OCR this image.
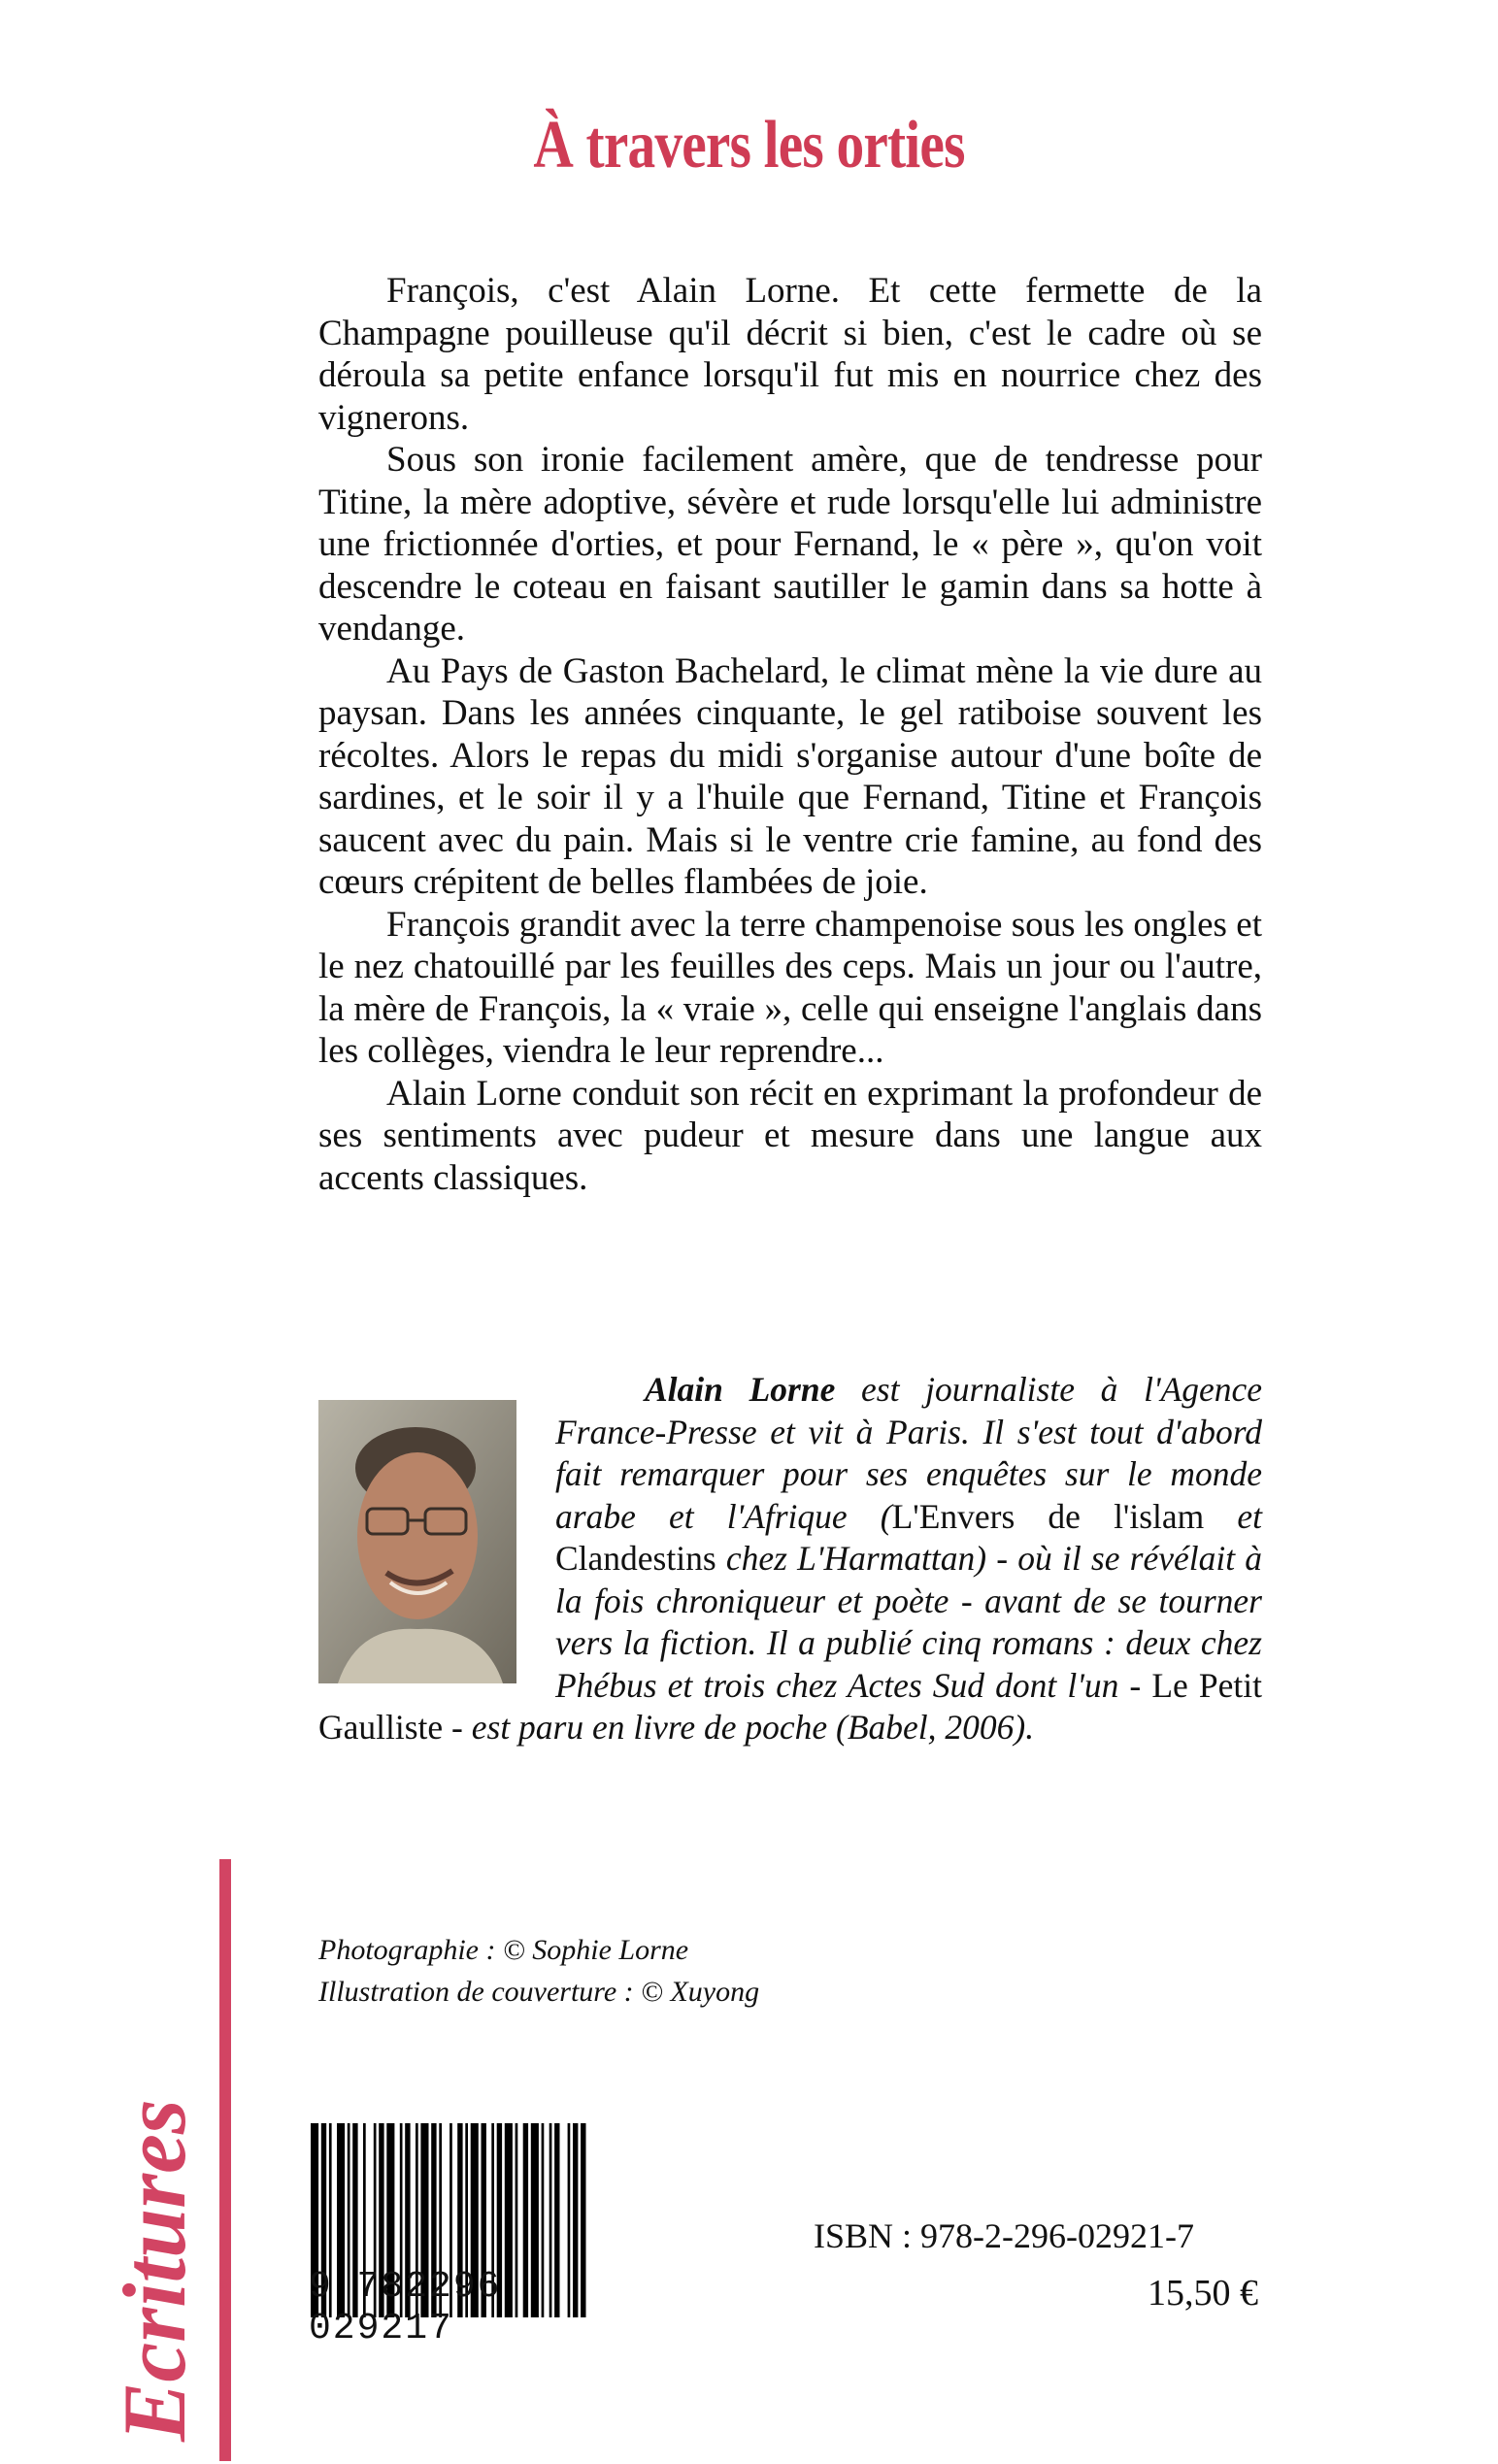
À travers les orties

François, c'est Alain Lorne. Et cette fermette de la Champagne pouilleuse qu'il décrit si bien, c'est le cadre où se déroula sa petite enfance lorsqu'il fut mis en nourrice chez des vignerons.

Sous son ironie facilement amère, que de tendresse pour Titine, la mère adoptive, sévère et rude lorsqu'elle lui administre une frictionnée d'orties, et pour Fernand, le « père », qu'on voit descendre le coteau en faisant sautiller le gamin dans sa hotte à vendange.

Au Pays de Gaston Bachelard, le climat mène la vie dure au paysan. Dans les années cinquante, le gel ratiboise souvent les récoltes. Alors le repas du midi s'organise autour d'une boîte de sardines, et le soir il y a l'huile que Fernand, Titine et François saucent avec du pain. Mais si le ventre crie famine, au fond des cœurs crépitent de belles flambées de joie.

François grandit avec la terre champenoise sous les ongles et le nez chatouillé par les feuilles des ceps. Mais un jour ou l'autre, la mère de François, la « vraie », celle qui enseigne l'anglais dans les collèges, viendra le leur reprendre...

Alain Lorne conduit son récit en exprimant la profondeur de ses sentiments avec pudeur et mesure dans une langue aux accents classiques.

Alain Lorne est journaliste à l'Agence France-Presse et vit à Paris. Il s'est tout d'abord fait remarquer pour ses enquêtes sur le monde arabe et l'Afrique (L'Envers de l'islam et Clandestins chez L'Harmattan) - où il se révélait à la fois chroniqueur et poète - avant de se tourner vers la fiction. Il a publié cinq romans : deux chez Phébus et trois chez Actes Sud dont l'un - Le Petit Gaulliste - est paru en livre de poche (Babel, 2006).
Photographie : © Sophie Lorne
Illustration de couverture : © Xuyong
Ecritures	9 782296 029217
ISBN : 978-2-296-02921-7
15,50 €
